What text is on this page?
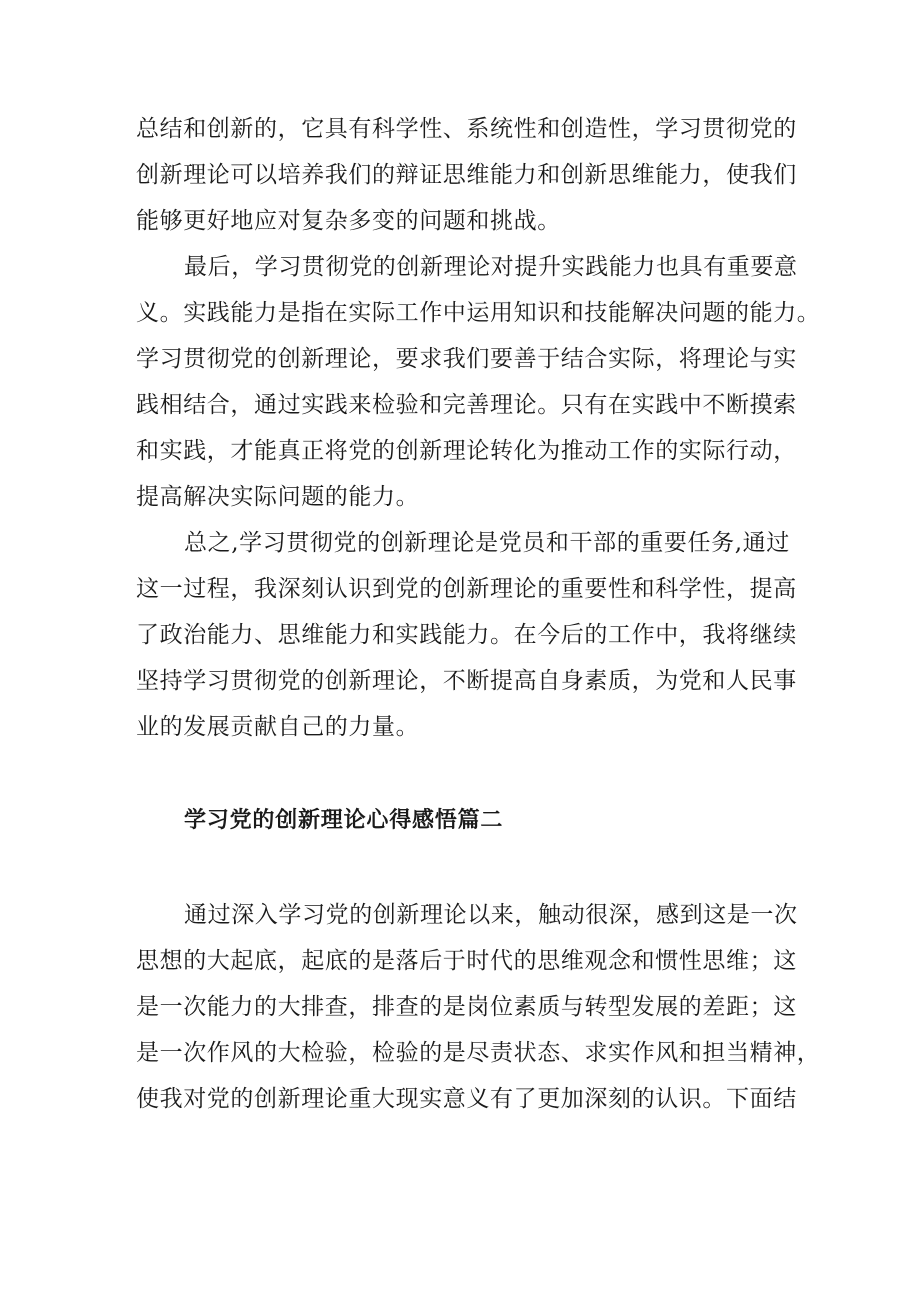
总结和创新的，它具有科学性、系统性和创造性，学习贯彻党的
创新理论可以培养我们的辩证思维能力和创新思维能力，使我们
能够更好地应对复杂多变的问题和挑战。
最后，学习贯彻党的创新理论对提升实践能力也具有重要意
义。实践能力是指在实际工作中运用知识和技能解决问题的能力。
学习贯彻党的创新理论，要求我们要善于结合实际，将理论与实
践相结合，通过实践来检验和完善理论。只有在实践中不断摸索
和实践，才能真正将党的创新理论转化为推动工作的实际行动，
提高解决实际问题的能力。
总之,学习贯彻党的创新理论是党员和干部的重要任务,通过
这一过程，我深刻认识到党的创新理论的重要性和科学性，提高
了政治能力、思维能力和实践能力。在今后的工作中，我将继续
坚持学习贯彻党的创新理论，不断提高自身素质，为党和人民事
业的发展贡献自己的力量。
学习党的创新理论心得感悟篇二
通过深入学习党的创新理论以来，触动很深，感到这是一次
思想的大起底，起底的是落后于时代的思维观念和惯性思维；这
是一次能力的大排查，排查的是岗位素质与转型发展的差距；这
是一次作风的大检验，检验的是尽责状态、求实作风和担当精神，
使我对党的创新理论重大现实意义有了更加深刻的认识。下面结
